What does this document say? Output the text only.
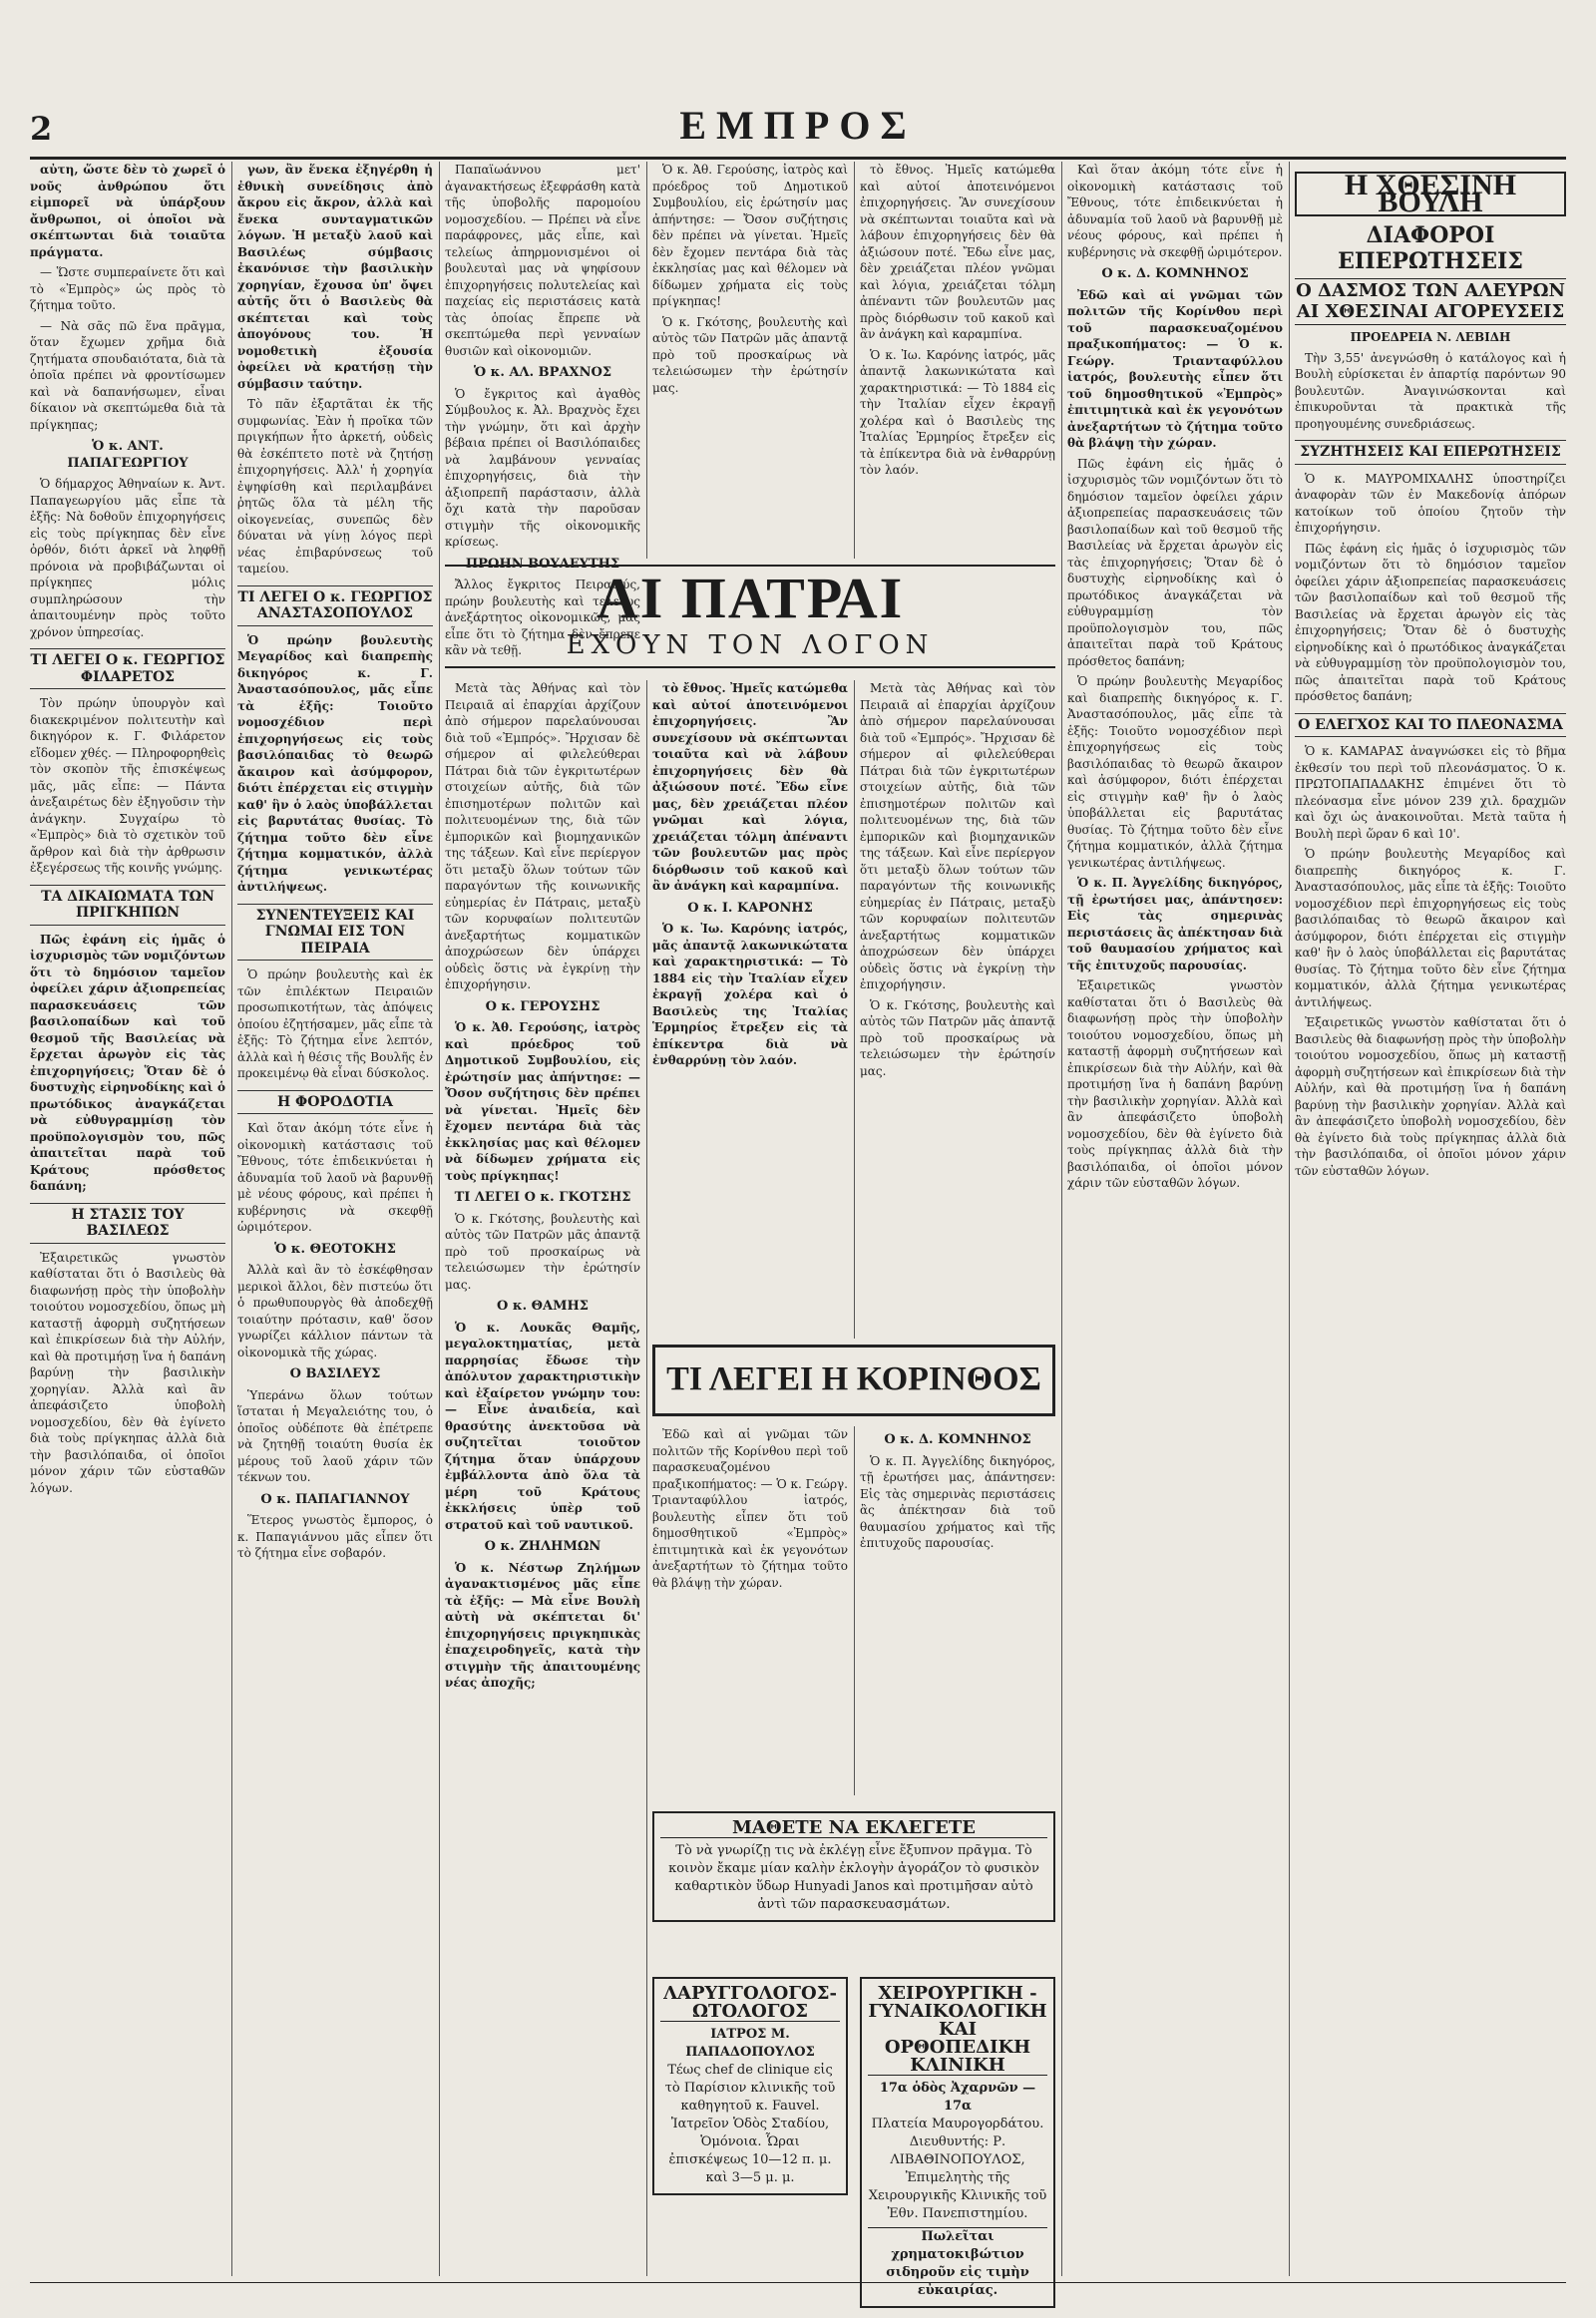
2	ΕΜΠΡΟΣ

αὐτη, ὥστε δὲν τὸ χωρεῖ ὁ νοῦς ἀνθρώπου ὅτι εἰμπορεῖ νὰ ὑπάρξουν ἄνθρωποι, οἱ ὁποῖοι νὰ σκέπτωνται διὰ τοιαῦτα πράγματα.

— Ὥστε συμπεραίνετε ὅτι καὶ τὸ «Ἐμπρὸς» ὡς πρὸς τὸ ζήτημα τοῦτο.

— Νὰ σᾶς πῶ ἕνα πρᾶγμα, ὅταν ἔχωμεν χρῆμα διὰ ζητήματα σπουδαιότατα, διὰ τὰ ὁποῖα πρέπει νὰ φροντίσωμεν καὶ νὰ δαπανήσωμεν, εἶναι δίκαιον νὰ σκεπτώμεθα διὰ τὰ πρίγκηπας;

Ὁ κ. ΑΝΤ. ΠΑΠΑΓΕΩΡΓΙΟΥ

Ὁ δήμαρχος Ἀθηναίων κ. Ἀντ. Παπαγεωργίου μᾶς εἶπε τὰ ἑξῆς: Νὰ δοθοῦν ἐπιχορηγήσεις εἰς τοὺς πρίγκηπας δὲν εἶνε ὀρθόν, διότι ἀρκεῖ νὰ ληφθῇ πρόνοια νὰ προβιβάζωνται οἱ πρίγκηπες μόλις συμπληρώσουν τὴν ἀπαιτουμένην πρὸς τοῦτο χρόνον ὑπηρεσίας.

ΤΙ ΛΕΓΕΙ Ο κ. ΓΕΩΡΓΙΟΣ ΦΙΛΑΡΕΤΟΣ

Τὸν πρώην ὑπουργὸν καὶ διακεκριμένον πολιτευτὴν καὶ δικηγόρον κ. Γ. Φιλάρετον εἴδομεν χθές. — Πληροφορηθεὶς τὸν σκοπὸν τῆς ἐπισκέψεως μᾶς, μᾶς εἶπε: — Πάντα ἀνεξαιρέτως δὲν ἐξηγοῦσιν τὴν ἀνάγκην. Συγχαίρω τὸ «Ἐμπρὸς» διὰ τὸ σχετικὸν τοῦ ἄρθρον καὶ διὰ τὴν ἀρθρωσιν ἐξεγέρσεως τῆς κοινῆς γνώμης.

ΤΑ ΔΙΚΑΙΩΜΑΤΑ ΤΩΝ ΠΡΙΓΚΗΠΩΝ

Πῶς ἐφάνη εἰς ἡμᾶς ὁ ἰσχυρισμὸς τῶν νομιζόντων ὅτι τὸ δημόσιον ταμεῖον ὀφείλει χάριν ἀξιοπρεπείας παρασκευάσεις τῶν βασιλοπαίδων καὶ τοῦ θεσμοῦ τῆς Βασιλείας νὰ ἔρχεται ἀρωγὸν εἰς τὰς ἐπιχορηγήσεις; Ὅταν δὲ ὁ δυστυχὴς εἰρηνοδίκης καὶ ὁ πρωτόδικος ἀναγκάζεται νὰ εὐθυγραμμίσῃ τὸν προϋπολογισμὸν του, πῶς ἀπαιτεῖται παρὰ τοῦ Κράτους πρόσθετος δαπάνη;

Η ΣΤΑΣΙΣ ΤΟΥ ΒΑΣΙΛΕΩΣ

Ἐξαιρετικῶς γνωστὸν καθίσταται ὅτι ὁ Βασιλεὺς θὰ διαφωνήσῃ πρὸς τὴν ὑποβολὴν τοιούτου νομοσχεδίου, ὅπως μὴ καταστῇ ἀφορμὴ συζητήσεων καὶ ἐπικρίσεων διὰ τὴν Αὐλήν, καὶ θὰ προτιμήσῃ ἵνα ἡ δαπάνη βαρύνῃ τὴν βασιλικὴν χορηγίαν. Ἀλλὰ καὶ ἂν ἀπεφάσιζετο ὑποβολὴ νομοσχεδίου, δὲν θὰ ἐγίνετο διὰ τοὺς πρίγκηπας ἀλλὰ διὰ τὴν βασιλόπαιδα, οἱ ὁποῖοι μόνον χάριν τῶν εὐσταθῶν λόγων.

γων, ἂν ἕνεκα ἐξηγέρθη ἡ ἐθνικὴ συνείδησις ἀπὸ ἄκρου εἰς ἄκρον, ἀλλὰ καὶ ἕνεκα συνταγματικῶν λόγων. Ἡ μεταξὺ λαοῦ καὶ Βασιλέως σύμβασις ἐκανόνισε τὴν βασιλικὴν χορηγίαν, ἔχουσα ὑπ' ὄψει αὐτῆς ὅτι ὁ Βασιλεὺς θὰ σκέπτεται καὶ τοὺς ἀπογόνους του. Ἡ νομοθετικὴ ἐξουσία ὀφείλει νὰ κρατήσῃ τὴν σύμβασιν ταύτην.

Τὸ πᾶν ἐξαρτᾶται ἐκ τῆς συμφωνίας. Ἐὰν ἡ προῖκα τῶν πριγκήπων ἦτο ἀρκετή, οὐδεὶς θὰ ἐσκέπτετο ποτὲ νὰ ζητήσῃ ἐπιχορηγήσεις. Ἀλλ' ἡ χορηγία ἐψηφίσθη καὶ περιλαμβάνει ῥητῶς ὅλα τὰ μέλη τῆς οἰκογενείας, συνεπῶς δὲν δύναται νὰ γίνῃ λόγος περὶ νέας ἐπιβαρύνσεως τοῦ ταμείου.

ΤΙ ΛΕΓΕΙ Ο κ. ΓΕΩΡΓΙΟΣ ΑΝΑΣΤΑΣΟΠΟΥΛΟΣ

Ὁ πρώην βουλευτὴς Μεγαρίδος καὶ διαπρεπὴς δικηγόρος κ. Γ. Ἀναστασόπουλος, μᾶς εἶπε τὰ ἑξῆς: Τοιοῦτο νομοσχέδιον περὶ ἐπιχορηγήσεως εἰς τοὺς βασιλόπαιδας τὸ θεωρῶ ἄκαιρον καὶ ἀσύμφορον, διότι ἐπέρχεται εἰς στιγμὴν καθ' ἣν ὁ λαὸς ὑποβάλλεται εἰς βαρυτάτας θυσίας. Τὸ ζήτημα τοῦτο δὲν εἶνε ζήτημα κομματικόν, ἀλλὰ ζήτημα γενικωτέρας ἀντιλήψεως.

ΣΥΝΕΝΤΕΥΞΕΙΣ ΚΑΙ ΓΝΩΜΑΙ ΕΙΣ ΤΟΝ ΠΕΙΡΑΙΑ

Ὁ πρώην βουλευτὴς καὶ ἐκ τῶν ἐπιλέκτων Πειραιῶν προσωπικοτήτων, τὰς ἀπόψεις ὁποίου ἐζητήσαμεν, μᾶς εἶπε τὰ ἑξῆς: Τὸ ζήτημα εἶνε λεπτόν, ἀλλὰ καὶ ἡ θέσις τῆς Βουλῆς ἐν προκειμένῳ θὰ εἶναι δύσκολος.

Η ΦΟΡΟΔΟΤΙΑ

Καὶ ὅταν ἀκόμη τότε εἶνε ἡ οἰκονομικὴ κατάστασις τοῦ Ἔθνους, τότε ἐπιδεικνύεται ἡ ἀδυναμία τοῦ λαοῦ νὰ βαρυνθῇ μὲ νέους φόρους, καὶ πρέπει ἡ κυβέρνησις νὰ σκεφθῇ ὡριμότερον.

Ὁ κ. ΘΕΟΤΟΚΗΣ

Ἀλλὰ καὶ ἂν τὸ ἐσκέφθησαν μερικοὶ ἄλλοι, δὲν πιστεύω ὅτι ὁ πρωθυπουργὸς θὰ ἀποδεχθῇ τοιαύτην πρότασιν, καθ' ὅσον γνωρίζει κάλλιον πάντων τὰ οἰκονομικὰ τῆς χώρας.

Ο ΒΑΣΙΛΕΥΣ

Ὑπεράνω ὅλων τούτων ἵσταται ἡ Μεγαλειότης του, ὁ ὁποῖος οὐδέποτε θὰ ἐπέτρεπε νὰ ζητηθῇ τοιαύτη θυσία ἐκ μέρους τοῦ λαοῦ χάριν τῶν τέκνων του.

Ο κ. ΠΑΠΑΓΙΑΝΝΟΥ

Ἕτερος γνωστὸς ἔμπορος, ὁ κ. Παπαγιάννου μᾶς εἶπεν ὅτι τὸ ζήτημα εἶνε σοβαρόν.

Παπαϊωάννου μετ' ἀγανακτήσεως ἐξεφράσθη κατὰ τῆς ὑποβολῆς παρομοίου νομοσχεδίου. — Πρέπει νὰ εἶνε παράφρονες, μᾶς εἶπε, καὶ τελείως ἀπηρμονισμένοι οἱ βουλευταὶ μας νὰ ψηφίσουν ἐπιχορηγήσεις πολυτελείας καὶ παχείας εἰς περιστάσεις κατὰ τὰς ὁποίας ἔπρεπε νὰ σκεπτώμεθα περὶ γενναίων θυσιῶν καὶ οἰκονομιῶν.

Ὁ κ. ΑΛ. ΒΡΑΧΝΟΣ

Ὁ ἔγκριτος καὶ ἀγαθὸς Σύμβουλος κ. Ἀλ. Βραχνὸς ἔχει τὴν γνώμην, ὅτι καὶ ἀρχὴν βέβαια πρέπει οἱ Βασιλόπαιδες νὰ λαμβάνουν γενναίας ἐπιχορηγήσεις, διὰ τὴν ἀξιοπρεπῆ παράστασιν, ἀλλὰ ὄχι κατὰ τὴν παροῦσαν στιγμὴν τῆς οἰκονομικῆς κρίσεως.

ΠΡΩΗΝ ΒΟΥΛΕΥΤΗΣ

Ἄλλος ἔγκριτος Πειραιεύς, πρώην βουλευτὴς καὶ τελείως ἀνεξάρτητος οἰκονομικῶς, μᾶς εἶπε ὅτι τὸ ζήτημα δὲν ἔπρεπε κἂν νὰ τεθῇ.

Ὁ κ. Ἀθ. Γερούσης, ἰατρὸς καὶ πρόεδρος τοῦ Δημοτικοῦ Συμβουλίου, εἰς ἐρώτησίν μας ἀπήντησε: — Ὄσον συζήτησις δὲν πρέπει νὰ γίνεται. Ἠμεῖς δὲν ἔχομεν πεντάρα διὰ τὰς ἐκκλησίας μας καὶ θέλομεν νὰ δίδωμεν χρήματα εἰς τοὺς πρίγκηπας!

Ὁ κ. Γκότσης, βουλευτὴς καὶ αὐτὸς τῶν Πατρῶν μᾶς ἀπαντᾷ πρὸ τοῦ προσκαίρως νὰ τελειώσωμεν τὴν ἐρώτησίν μας.

τὸ ἔθνος. Ἠμεῖς κατώμεθα καὶ αὐτοί ἀποτεινόμενοι ἐπιχορηγήσεις. Ἂν συνεχίσουν νὰ σκέπτωνται τοιαῦτα καὶ νὰ λάβουν ἐπιχορηγήσεις δὲν θὰ ἀξιώσουν ποτέ. Ἔδω εἶνε μας, δὲν χρειάζεται πλέον γνῶμαι καὶ λόγια, χρειάζεται τόλμη ἀπέναντι τῶν βουλευτῶν μας πρὸς διόρθωσιν τοῦ κακοῦ καὶ ἂν ἀνάγκη καὶ καραμπίνα.

Ὁ κ. Ἰω. Καρόνης ἰατρός, μᾶς ἀπαντᾷ λακωνικώτατα καὶ χαρακτηριστικά: — Τὸ 1884 εἰς τὴν Ἰταλίαν εἶχεν ἐκραγῇ χολέρα καὶ ὁ Βασιλεὺς της Ἰταλίας Ἑρμηρίος ἔτρεξεν εἰς τὰ ἐπίκεντρα διὰ νὰ ἐνθαρρύνῃ τὸν λαόν.

ΑΙ ΠΑΤΡΑΙ
ΕΧΟΥΝ ΤΟΝ ΛΟΓΟΝ

Μετὰ τὰς Ἀθήνας καὶ τὸν Πειραιᾶ αἱ ἐπαρχίαι ἀρχίζουν ἀπὸ σήμερον παρελαύνουσαι διὰ τοῦ «Ἐμπρός». Ἤρχισαν δὲ σήμερον αἱ φιλελεύθεραι Πάτραι διὰ τῶν ἐγκριτωτέρων στοιχείων αὐτῆς, διὰ τῶν ἐπισημοτέρων πολιτῶν καὶ πολιτευομένων της, διὰ τῶν ἐμπορικῶν καὶ βιομηχανικῶν της τάξεων. Καὶ εἶνε περίεργον ὅτι μεταξὺ ὅλων τούτων τῶν παραγόντων τῆς κοινωνικῆς εὐημερίας ἐν Πάτραις, μεταξὺ τῶν κορυφαίων πολιτευτῶν ἀνεξαρτήτως κομματικῶν ἀποχρώσεων δὲν ὑπάρχει οὐδεὶς ὅστις νὰ ἐγκρίνῃ τὴν ἐπιχορήγησιν.

Ο κ. ΓΕΡΟΥΣΗΣ

Ὁ κ. Ἀθ. Γερούσης, ἰατρὸς καὶ πρόεδρος τοῦ Δημοτικοῦ Συμβουλίου, εἰς ἐρώτησίν μας ἀπήντησε: — Ὄσον συζήτησις δὲν πρέπει νὰ γίνεται. Ἠμεῖς δὲν ἔχομεν πεντάρα διὰ τὰς ἐκκλησίας μας καὶ θέλομεν νὰ δίδωμεν χρήματα εἰς τοὺς πρίγκηπας!

ΤΙ ΛΕΓΕΙ Ο κ. ΓΚΟΤΣΗΣ

Ὁ κ. Γκότσης, βουλευτὴς καὶ αὐτὸς τῶν Πατρῶν μᾶς ἀπαντᾷ πρὸ τοῦ προσκαίρως νὰ τελειώσωμεν τὴν ἐρώτησίν μας.

Ο κ. ΘΑΜΗΣ

Ὁ κ. Λουκᾶς Θαμῆς, μεγαλοκτηματίας, μετὰ παρρησίας ἔδωσε τὴν ἀπόλυτον χαρακτηριστικὴν καὶ ἐξαίρετον γνώμην του: — Εἶνε ἀναιδεία, καὶ θρασύτης ἀνεκτοῦσα νὰ συζητεῖται τοιοῦτον ζήτημα ὅταν ὑπάρχουν ἐμβάλλοντα ἀπὸ ὅλα τὰ μέρη τοῦ Κράτους ἐκκλήσεις ὑπὲρ τοῦ στρατοῦ καὶ τοῦ ναυτικοῦ.

Ο κ. ΖΗΛΗΜΩΝ

Ὁ κ. Νέστωρ Ζηλήμων ἀγανακτισμένος μᾶς εἶπε τὰ ἑξῆς: — Μὰ εἶνε Βουλὴ αὐτὴ νὰ σκέπτεται δι' ἐπιχορηγήσεις πριγκηπικὰς ἐπαχειροδηγεῖς, κατὰ τὴν στιγμὴν τῆς ἀπαιτουμένης νέας ἀποχῆς;

τὸ ἔθνος. Ἠμεῖς κατώμεθα καὶ αὐτοί ἀποτεινόμενοι ἐπιχορηγήσεις. Ἂν συνεχίσουν νὰ σκέπτωνται τοιαῦτα καὶ νὰ λάβουν ἐπιχορηγήσεις δὲν θὰ ἀξιώσουν ποτέ. Ἔδω εἶνε μας, δὲν χρειάζεται πλέον γνῶμαι καὶ λόγια, χρειάζεται τόλμη ἀπέναντι τῶν βουλευτῶν μας πρὸς διόρθωσιν τοῦ κακοῦ καὶ ἂν ἀνάγκη καὶ καραμπίνα.

Ο κ. Ι. ΚΑΡΟΝΗΣ

Ὁ κ. Ἰω. Καρόνης ἰατρός, μᾶς ἀπαντᾷ λακωνικώτατα καὶ χαρακτηριστικά: — Τὸ 1884 εἰς τὴν Ἰταλίαν εἶχεν ἐκραγῇ χολέρα καὶ ὁ Βασιλεὺς της Ἰταλίας Ἑρμηρίος ἔτρεξεν εἰς τὰ ἐπίκεντρα διὰ νὰ ἐνθαρρύνῃ τὸν λαόν.

Μετὰ τὰς Ἀθήνας καὶ τὸν Πειραιᾶ αἱ ἐπαρχίαι ἀρχίζουν ἀπὸ σήμερον παρελαύνουσαι διὰ τοῦ «Ἐμπρός». Ἤρχισαν δὲ σήμερον αἱ φιλελεύθεραι Πάτραι διὰ τῶν ἐγκριτωτέρων στοιχείων αὐτῆς, διὰ τῶν ἐπισημοτέρων πολιτῶν καὶ πολιτευομένων της, διὰ τῶν ἐμπορικῶν καὶ βιομηχανικῶν της τάξεων. Καὶ εἶνε περίεργον ὅτι μεταξὺ ὅλων τούτων τῶν παραγόντων τῆς κοινωνικῆς εὐημερίας ἐν Πάτραις, μεταξὺ τῶν κορυφαίων πολιτευτῶν ἀνεξαρτήτως κομματικῶν ἀποχρώσεων δὲν ὑπάρχει οὐδεὶς ὅστις νὰ ἐγκρίνῃ τὴν ἐπιχορήγησιν.

Ὁ κ. Γκότσης, βουλευτὴς καὶ αὐτὸς τῶν Πατρῶν μᾶς ἀπαντᾷ πρὸ τοῦ προσκαίρως νὰ τελειώσωμεν τὴν ἐρώτησίν μας.

ΤΙ ΛΕΓΕΙ Η ΚΟΡΙΝΘΟΣ

Ἐδῶ καὶ αἱ γνῶμαι τῶν πολιτῶν τῆς Κορίνθου περὶ τοῦ παρασκευαζομένου πραξικοπήματος: — Ὁ κ. Γεώργ. Τριανταφύλλου ἰατρός, βουλευτὴς εἶπεν ὅτι τοῦ δημοσθητικοῦ «Ἐμπρὸς» ἐπιτιμητικὰ καὶ ἐκ γεγονότων ἀνεξαρτήτων τὸ ζήτημα τοῦτο θὰ βλάψῃ τὴν χώραν.

Ο κ. Δ. ΚΟΜΝΗΝΟΣ

Ὁ κ. Π. Ἀγγελίδης δικηγόρος, τῇ ἐρωτήσει μας, ἀπάντησεν: Εἰς τὰς σημερινὰς περιστάσεις ἂς ἀπέκτησαν διὰ τοῦ θαυμασίου χρήματος καὶ τῆς ἐπιτυχοῦς παρουσίας.

ΜΑΘΕΤΕ ΝΑ ΕΚΛΕΓΕΤΕ
Τὸ νὰ γνωρίζῃ τις νὰ ἐκλέγῃ εἶνε ἔξυπνον πρᾶγμα. Τὸ κοινὸν ἔκαμε μίαν καλὴν ἐκλογὴν ἀγοράζον τὸ φυσικὸν καθαρτικὸν ὕδωρ Hunyadi Janos καὶ προτιμῆσαν αὐτὸ ἀντὶ τῶν παρασκευασμάτων.
ΛΑΡΥΓΓΟΛΟΓΟΣ-ΩΤΟΛΟΓΟΣ
ΙΑΤΡΟΣ Μ. ΠΑΠΑΔΟΠΟΥΛΟΣ
Τέως chef de clinique εἰς τὸ Παρίσιον κλινικῆς τοῦ καθηγητοῦ κ. Fauvel. Ἰατρεῖον Ὁδὸς Σταδίου, Ὁμόνοια. Ὧραι ἐπισκέψεως 10—12 π. μ. καὶ 3—5 μ. μ.
ΧΕΙΡΟΥΡΓΙΚΗ - ΓΥΝΑΙΚΟΛΟΓΙΚΗ ΚΑΙ ΟΡΘΟΠΕΔΙΚΗ ΚΛΙΝΙΚΗ
17α ὁδὸς Ἀχαρνῶν — 17α
Πλατεία Μαυρογορδάτου. Διευθυντής: Ρ. ΛΙΒΑΘΙΝΟΠΟΥΛΟΣ, Ἐπιμελητὴς τῆς Χειρουργικῆς Κλινικῆς τοῦ Ἐθν. Πανεπιστημίου.
Πωλεῖται χρηματοκιβώτιον σιδηροῦν εἰς τιμὴν εὐκαιρίας.

Καὶ ὅταν ἀκόμη τότε εἶνε ἡ οἰκονομικὴ κατάστασις τοῦ Ἔθνους, τότε ἐπιδεικνύεται ἡ ἀδυναμία τοῦ λαοῦ νὰ βαρυνθῇ μὲ νέους φόρους, καὶ πρέπει ἡ κυβέρνησις νὰ σκεφθῇ ὡριμότερον.

Ο κ. Δ. ΚΟΜΝΗΝΟΣ

Ἐδῶ καὶ αἱ γνῶμαι τῶν πολιτῶν τῆς Κορίνθου περὶ τοῦ παρασκευαζομένου πραξικοπήματος: — Ὁ κ. Γεώργ. Τριανταφύλλου ἰατρός, βουλευτὴς εἶπεν ὅτι τοῦ δημοσθητικοῦ «Ἐμπρὸς» ἐπιτιμητικὰ καὶ ἐκ γεγονότων ἀνεξαρτήτων τὸ ζήτημα τοῦτο θὰ βλάψῃ τὴν χώραν.

Πῶς ἐφάνη εἰς ἡμᾶς ὁ ἰσχυρισμὸς τῶν νομιζόντων ὅτι τὸ δημόσιον ταμεῖον ὀφείλει χάριν ἀξιοπρεπείας παρασκευάσεις τῶν βασιλοπαίδων καὶ τοῦ θεσμοῦ τῆς Βασιλείας νὰ ἔρχεται ἀρωγὸν εἰς τὰς ἐπιχορηγήσεις; Ὅταν δὲ ὁ δυστυχὴς εἰρηνοδίκης καὶ ὁ πρωτόδικος ἀναγκάζεται νὰ εὐθυγραμμίσῃ τὸν προϋπολογισμὸν του, πῶς ἀπαιτεῖται παρὰ τοῦ Κράτους πρόσθετος δαπάνη;

Ὁ πρώην βουλευτὴς Μεγαρίδος καὶ διαπρεπὴς δικηγόρος κ. Γ. Ἀναστασόπουλος, μᾶς εἶπε τὰ ἑξῆς: Τοιοῦτο νομοσχέδιον περὶ ἐπιχορηγήσεως εἰς τοὺς βασιλόπαιδας τὸ θεωρῶ ἄκαιρον καὶ ἀσύμφορον, διότι ἐπέρχεται εἰς στιγμὴν καθ' ἣν ὁ λαὸς ὑποβάλλεται εἰς βαρυτάτας θυσίας. Τὸ ζήτημα τοῦτο δὲν εἶνε ζήτημα κομματικόν, ἀλλὰ ζήτημα γενικωτέρας ἀντιλήψεως.

Ὁ κ. Π. Ἀγγελίδης δικηγόρος, τῇ ἐρωτήσει μας, ἀπάντησεν: Εἰς τὰς σημερινὰς περιστάσεις ἂς ἀπέκτησαν διὰ τοῦ θαυμασίου χρήματος καὶ τῆς ἐπιτυχοῦς παρουσίας.

Ἐξαιρετικῶς γνωστὸν καθίσταται ὅτι ὁ Βασιλεὺς θὰ διαφωνήσῃ πρὸς τὴν ὑποβολὴν τοιούτου νομοσχεδίου, ὅπως μὴ καταστῇ ἀφορμὴ συζητήσεων καὶ ἐπικρίσεων διὰ τὴν Αὐλήν, καὶ θὰ προτιμήσῃ ἵνα ἡ δαπάνη βαρύνῃ τὴν βασιλικὴν χορηγίαν. Ἀλλὰ καὶ ἂν ἀπεφάσιζετο ὑποβολὴ νομοσχεδίου, δὲν θὰ ἐγίνετο διὰ τοὺς πρίγκηπας ἀλλὰ διὰ τὴν βασιλόπαιδα, οἱ ὁποῖοι μόνον χάριν τῶν εὐσταθῶν λόγων.

Η ΧΘΕΣΙΝΗ ΒΟΥΛΗ
ΔΙΑΦΟΡΟΙ ΕΠΕΡΩΤΗΣΕΙΣ
Ο ΔΑΣΜΟΣ ΤΩΝ ΑΛΕΥΡΩΝ
ΑΙ ΧΘΕΣΙΝΑΙ ΑΓΟΡΕΥΣΕΙΣ
ΠΡΟΕΔΡΕΙΑ Ν. ΛΕΒΙΔΗ

Τὴν 3,55' ἀνεγνώσθη ὁ κατάλογος καὶ ἡ Βουλὴ εὑρίσκεται ἐν ἀπαρτίᾳ παρόντων 90 βουλευτῶν. Ἀναγινώσκονται καὶ ἐπικυροῦνται τὰ πρακτικὰ τῆς προηγουμένης συνεδριάσεως.

ΣΥΖΗΤΗΣΕΙΣ ΚΑΙ ΕΠΕΡΩΤΗΣΕΙΣ

Ὁ κ. ΜΑΥΡΟΜΙΧΑΛΗΣ ὑποστηρίζει ἀναφορὰν τῶν ἐν Μακεδονίᾳ ἀπόρων κατοίκων τοῦ ὁποίου ζητοῦν τὴν ἐπιχορήγησιν.

Πῶς ἐφάνη εἰς ἡμᾶς ὁ ἰσχυρισμὸς τῶν νομιζόντων ὅτι τὸ δημόσιον ταμεῖον ὀφείλει χάριν ἀξιοπρεπείας παρασκευάσεις τῶν βασιλοπαίδων καὶ τοῦ θεσμοῦ τῆς Βασιλείας νὰ ἔρχεται ἀρωγὸν εἰς τὰς ἐπιχορηγήσεις; Ὅταν δὲ ὁ δυστυχὴς εἰρηνοδίκης καὶ ὁ πρωτόδικος ἀναγκάζεται νὰ εὐθυγραμμίσῃ τὸν προϋπολογισμὸν του, πῶς ἀπαιτεῖται παρὰ τοῦ Κράτους πρόσθετος δαπάνη;

Ο ΕΛΕΓΧΟΣ ΚΑΙ ΤΟ ΠΛΕΟΝΑΣΜΑ

Ὁ κ. ΚΑΜΑΡΑΣ ἀναγνώσκει εἰς τὸ βῆμα ἐκθεσίν του περὶ τοῦ πλεονάσματος. Ὁ κ. ΠΡΩΤΟΠΑΠΑΔΑΚΗΣ ἐπιμένει ὅτι τὸ πλεόνασμα εἶνε μόνον 239 χιλ. δραχμῶν καὶ ὄχι ὡς ἀνακοινοῦται. Μετὰ ταῦτα ἡ Βουλὴ περὶ ὥραν 6 καὶ 10'.

Ὁ πρώην βουλευτὴς Μεγαρίδος καὶ διαπρεπὴς δικηγόρος κ. Γ. Ἀναστασόπουλος, μᾶς εἶπε τὰ ἑξῆς: Τοιοῦτο νομοσχέδιον περὶ ἐπιχορηγήσεως εἰς τοὺς βασιλόπαιδας τὸ θεωρῶ ἄκαιρον καὶ ἀσύμφορον, διότι ἐπέρχεται εἰς στιγμὴν καθ' ἣν ὁ λαὸς ὑποβάλλεται εἰς βαρυτάτας θυσίας. Τὸ ζήτημα τοῦτο δὲν εἶνε ζήτημα κομματικόν, ἀλλὰ ζήτημα γενικωτέρας ἀντιλήψεως.

Ἐξαιρετικῶς γνωστὸν καθίσταται ὅτι ὁ Βασιλεὺς θὰ διαφωνήσῃ πρὸς τὴν ὑποβολὴν τοιούτου νομοσχεδίου, ὅπως μὴ καταστῇ ἀφορμὴ συζητήσεων καὶ ἐπικρίσεων διὰ τὴν Αὐλήν, καὶ θὰ προτιμήσῃ ἵνα ἡ δαπάνη βαρύνῃ τὴν βασιλικὴν χορηγίαν. Ἀλλὰ καὶ ἂν ἀπεφάσιζετο ὑποβολὴ νομοσχεδίου, δὲν θὰ ἐγίνετο διὰ τοὺς πρίγκηπας ἀλλὰ διὰ τὴν βασιλόπαιδα, οἱ ὁποῖοι μόνον χάριν τῶν εὐσταθῶν λόγων.
